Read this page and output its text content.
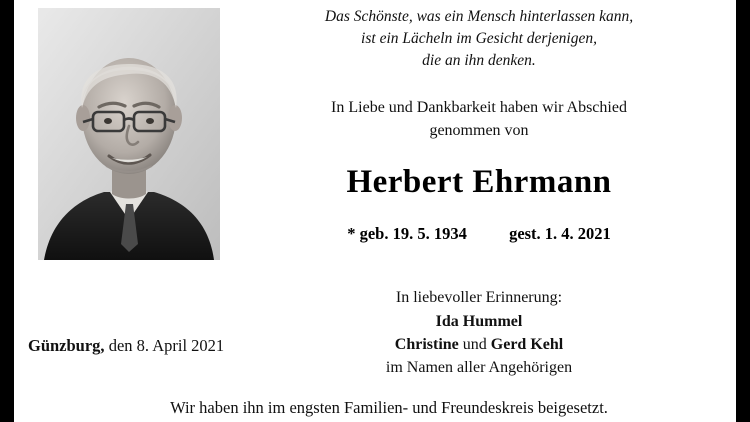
Das Schönste, was ein Mensch hinterlassen kann,
ist ein Lächeln im Gesicht derjenigen,
die an ihn denken.
In Liebe und Dankbarkeit haben wir Abschied
genommen von
Herbert Ehrmann
* geb. 19. 5. 1934	gest. 1. 4. 2021
In liebevoller Erinnerung:
Ida Hummel
Christine und Gerd Kehl
im Namen aller Angehörigen
Günzburg, den 8. April 2021
Wir haben ihn im engsten Familien- und Freundeskreis beigesetzt.
